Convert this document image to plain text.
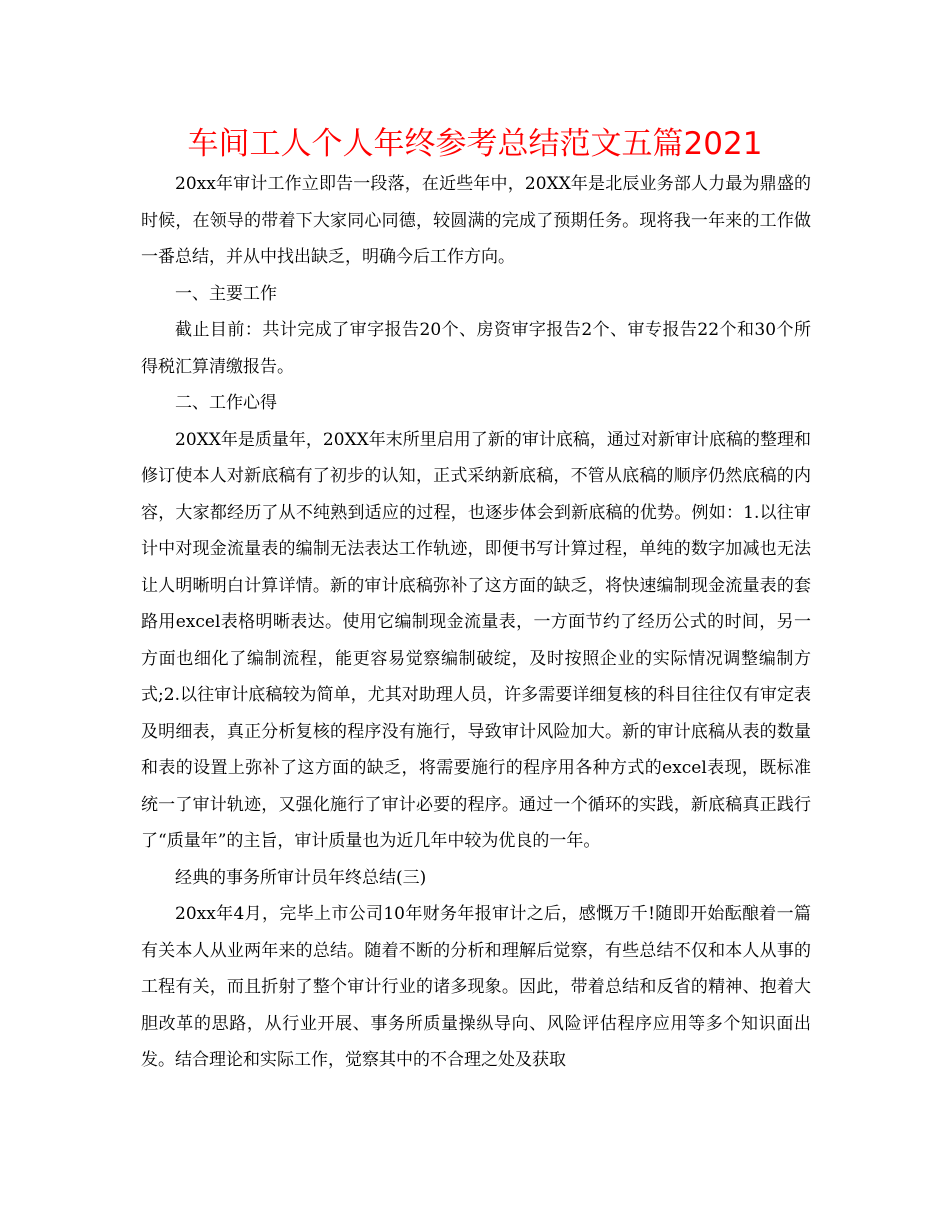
车间工人个人年终参考总结范文五篇2021

20xx年审计工作立即告一段落，在近些年中，20XX年是北辰业务部人力最为鼎盛的时候，在领导的带着下大家同心同德，较圆满的完成了预期任务。现将我一年来的工作做一番总结，并从中找出缺乏，明确今后工作方向。

一、主要工作

截止目前：共计完成了审字报告20个、房资审字报告2个、审专报告22个和30个所得税汇算清缴报告。

二、工作心得

20XX年是质量年，20XX年末所里启用了新的审计底稿，通过对新审计底稿的整理和修订使本人对新底稿有了初步的认知，正式采纳新底稿，不管从底稿的顺序仍然底稿的内容，大家都经历了从不纯熟到适应的过程，也逐步体会到新底稿的优势。例如：1.以往审计中对现金流量表的编制无法表达工作轨迹，即便书写计算过程，单纯的数字加减也无法让人明晰明白计算详情。新的审计底稿弥补了这方面的缺乏，将快速编制现金流量表的套路用excel表格明晰表达。使用它编制现金流量表，一方面节约了经历公式的时间，另一方面也细化了编制流程，能更容易觉察编制破绽，及时按照企业的实际情况调整编制方式;2.以往审计底稿较为简单，尤其对助理人员，许多需要详细复核的科目往往仅有审定表及明细表，真正分析复核的程序没有施行，导致审计风险加大。新的审计底稿从表的数量和表的设置上弥补了这方面的缺乏，将需要施行的程序用各种方式的excel表现，既标准统一了审计轨迹，又强化施行了审计必要的程序。通过一个循环的实践，新底稿真正践行了“质量年”的主旨，审计质量也为近几年中较为优良的一年。

经典的事务所审计员年终总结(三)

20xx年4月，完毕上市公司10年财务年报审计之后，感慨万千!随即开始酝酿着一篇有关本人从业两年来的总结。随着不断的分析和理解后觉察，有些总结不仅和本人从事的工程有关，而且折射了整个审计行业的诸多现象。因此，带着总结和反省的精神、抱着大胆改革的思路，从行业开展、事务所质量操纵导向、风险评估程序应用等多个知识面出发。结合理论和实际工作，觉察其中的不合理之处及获取
